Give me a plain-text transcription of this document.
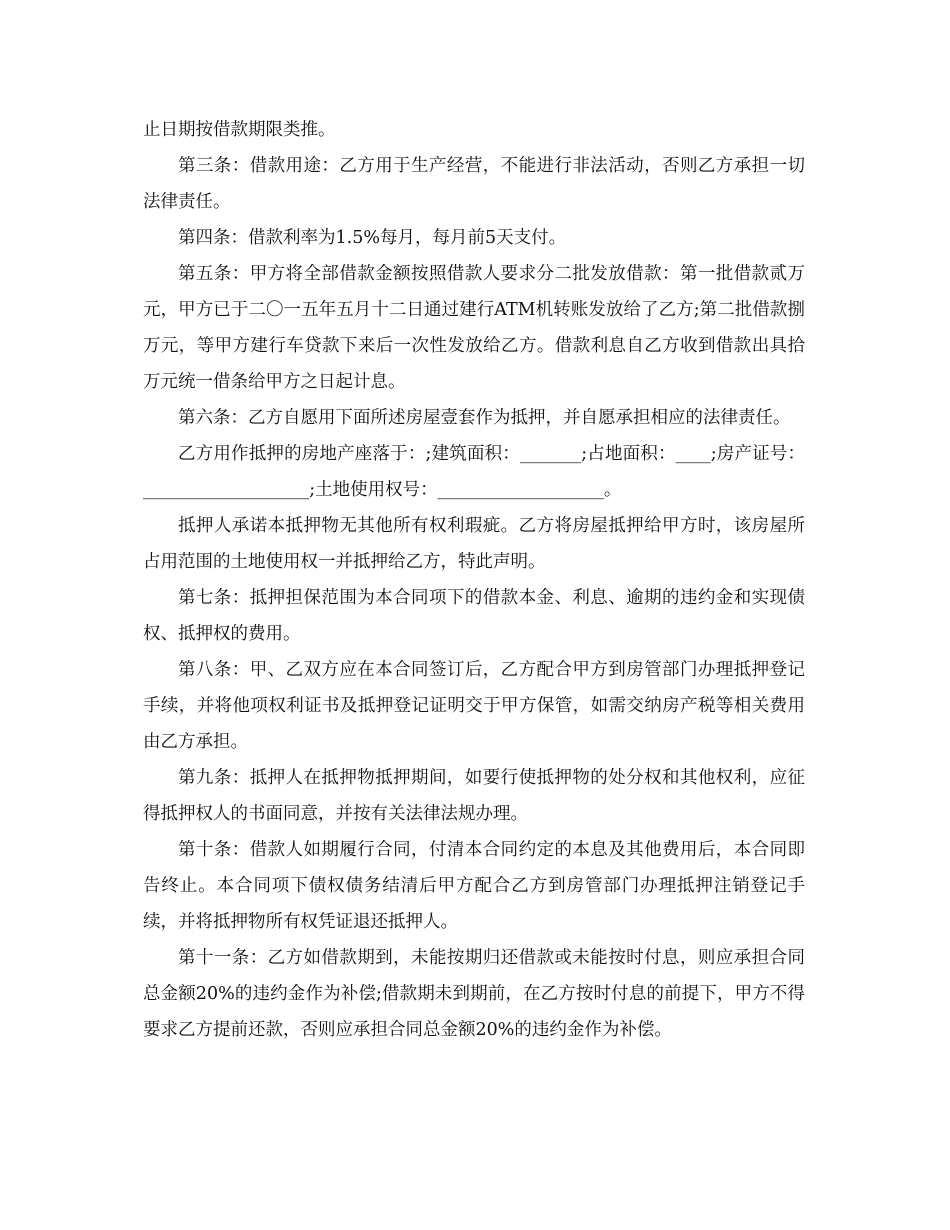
止日期按借款期限类推。

第三条：借款用途：乙方用于生产经营，不能进行非法活动，否则乙方承担一切法律责任。

第四条：借款利率为1.5%每月，每月前5天支付。

第五条：甲方将全部借款金额按照借款人要求分二批发放借款：第一批借款贰万元，甲方已于二〇一五年五月十二日通过建行ATM机转账发放给了乙方;第二批借款捌万元，等甲方建行车贷款下来后一次性发放给乙方。借款利息自乙方收到借款出具拾万元统一借条给甲方之日起计息。

第六条：乙方自愿用下面所述房屋壹套作为抵押，并自愿承担相应的法律责任。

乙方用作抵押的房地产座落于：;建筑面积：_______;占地面积：____;房产证号：___________________;土地使用权号：___________________。

抵押人承诺本抵押物无其他所有权利瑕疵。乙方将房屋抵押给甲方时，该房屋所占用范围的土地使用权一并抵押给乙方，特此声明。

第七条：抵押担保范围为本合同项下的借款本金、利息、逾期的违约金和实现债权、抵押权的费用。

第八条：甲、乙双方应在本合同签订后，乙方配合甲方到房管部门办理抵押登记手续，并将他项权利证书及抵押登记证明交于甲方保管，如需交纳房产税等相关费用由乙方承担。

第九条：抵押人在抵押物抵押期间，如要行使抵押物的处分权和其他权利，应征得抵押权人的书面同意，并按有关法律法规办理。

第十条：借款人如期履行合同，付清本合同约定的本息及其他费用后，本合同即告终止。本合同项下债权债务结清后甲方配合乙方到房管部门办理抵押注销登记手续，并将抵押物所有权凭证退还抵押人。

第十一条：乙方如借款期到，未能按期归还借款或未能按时付息，则应承担合同总金额20%的违约金作为补偿;借款期未到期前，在乙方按时付息的前提下，甲方不得要求乙方提前还款，否则应承担合同总金额20%的违约金作为补偿。
